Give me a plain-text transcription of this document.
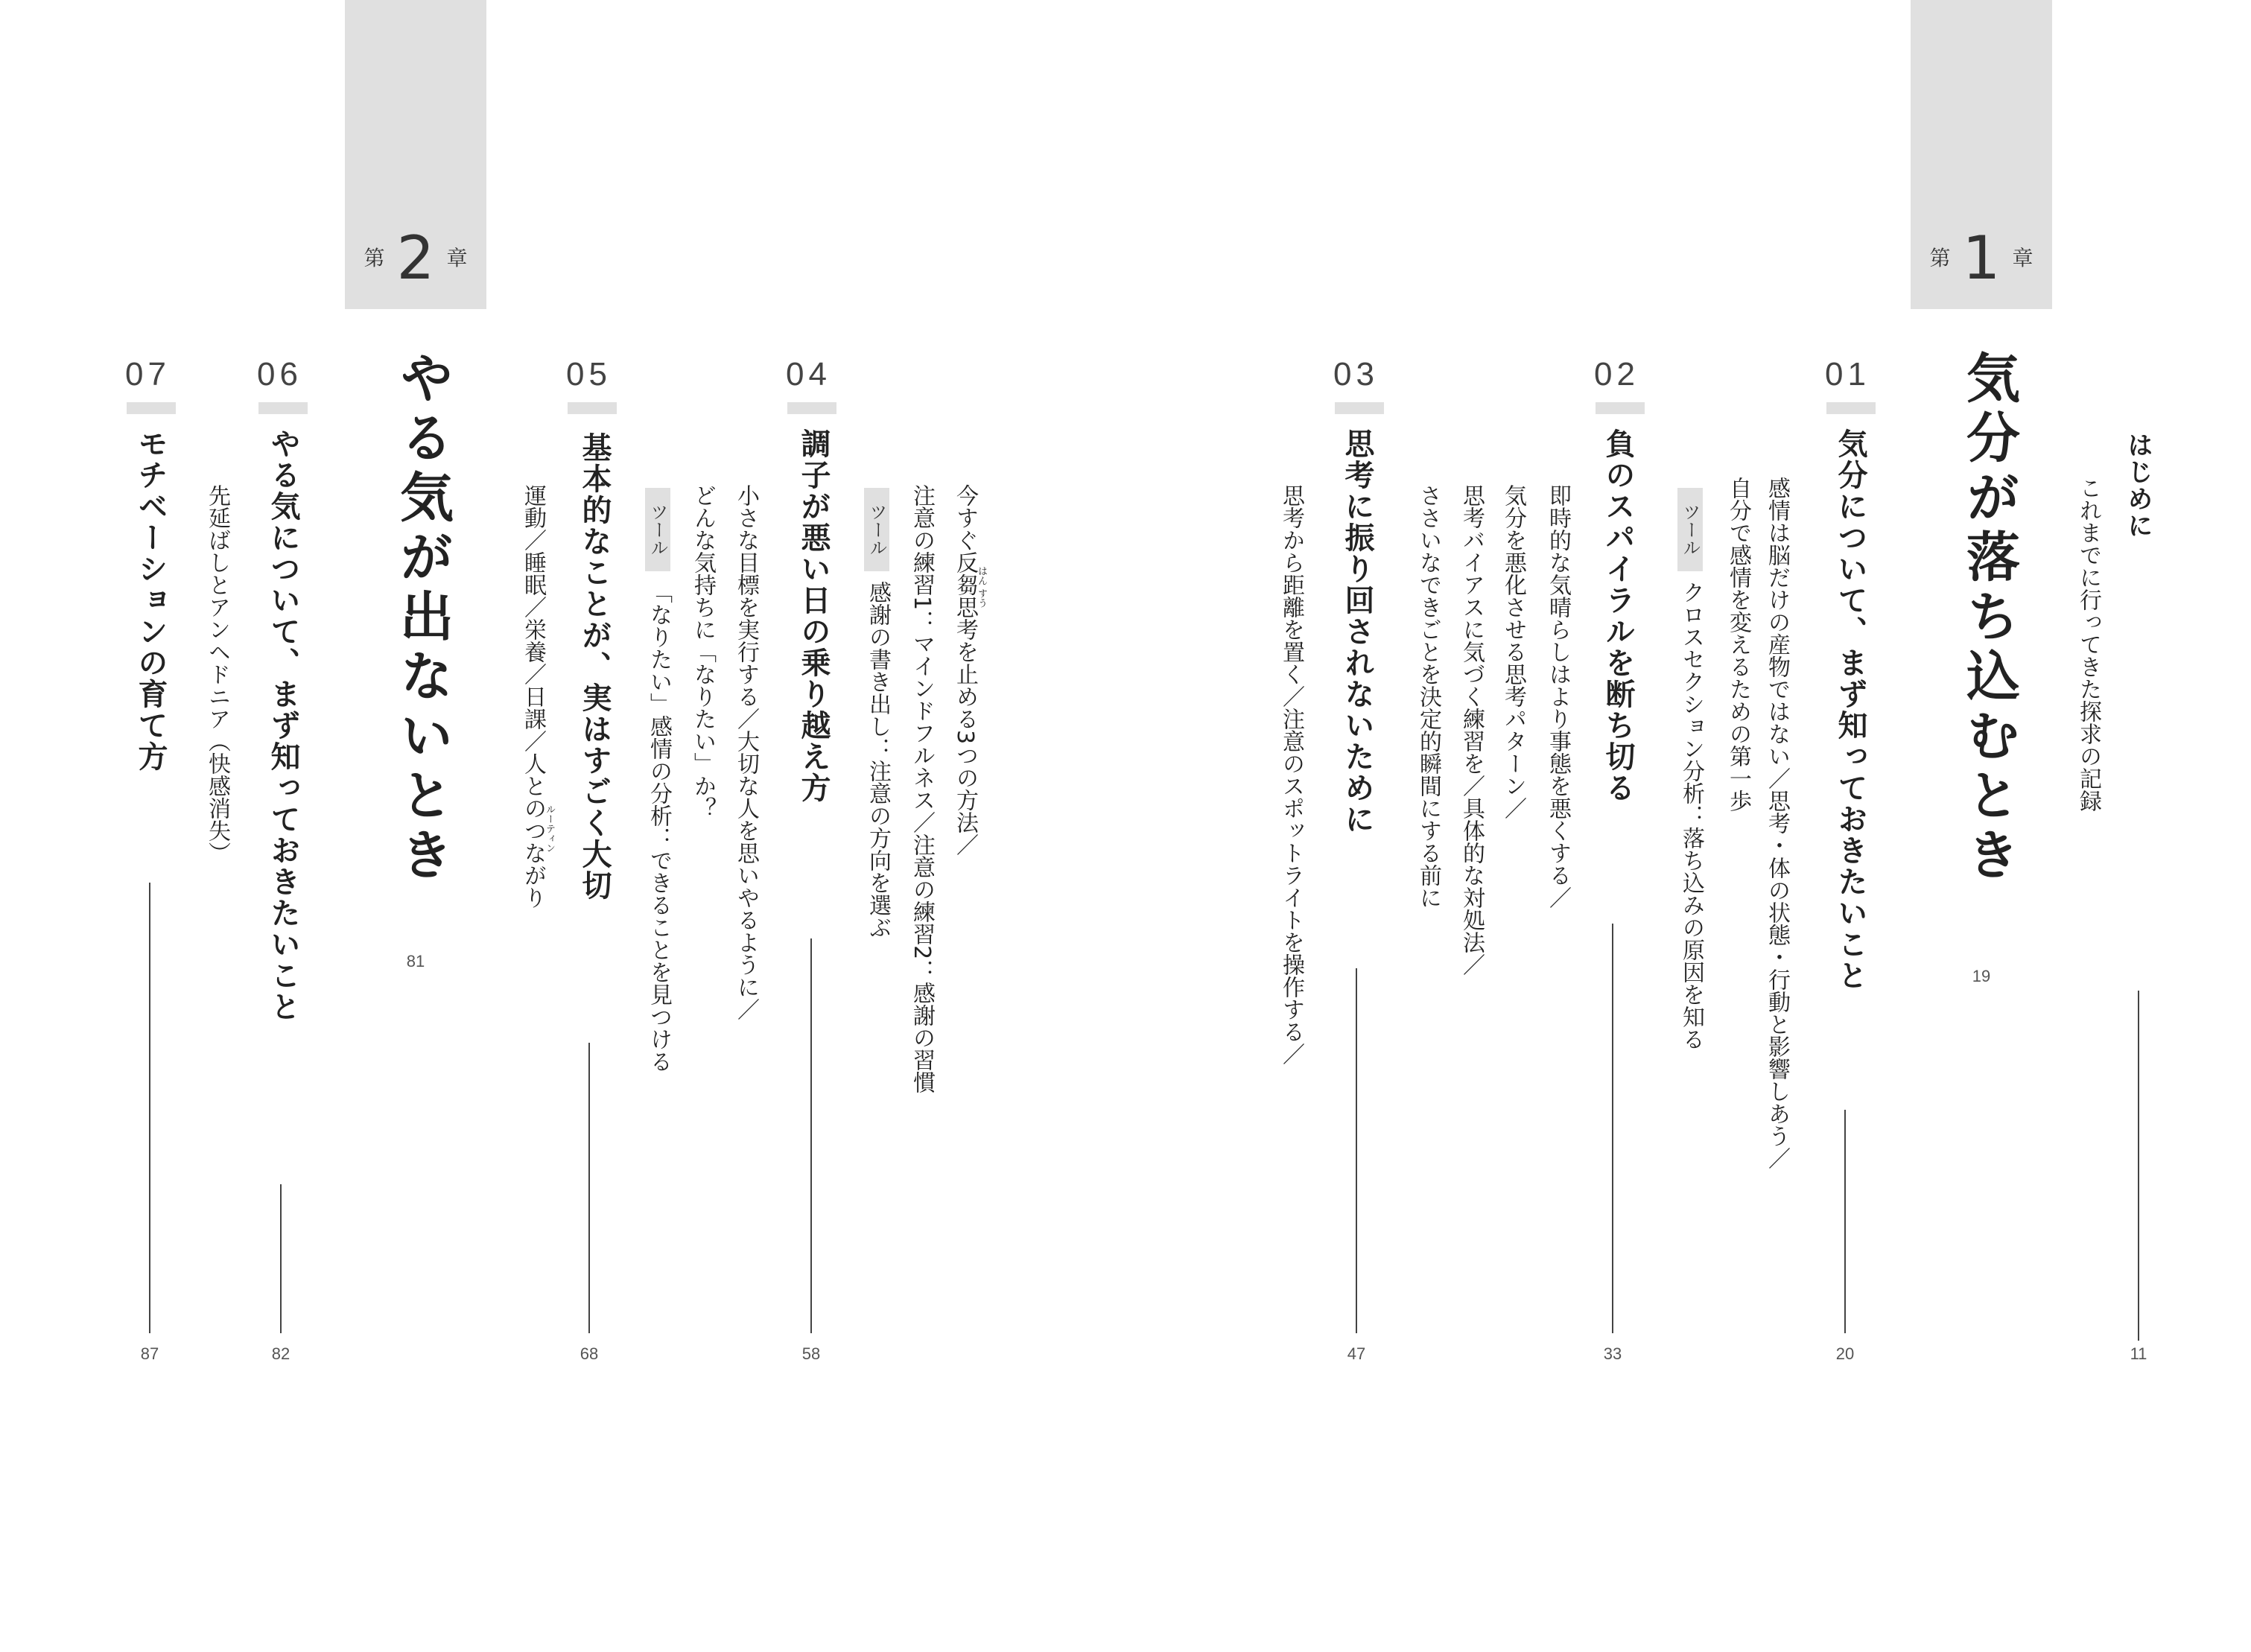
第 2 章	第 1 章
はじめに
これまでに行ってきた探求の記録
11
気分が落ち込むとき
19
01
気分について、まず知っておきたいこと
20
感情は脳だけの産物ではない／思考・体の状態・行動と影響しあう／
自分で感情を変えるための第一歩
ツール
クロスセクション分析：落ち込みの原因を知る
02
負のスパイラルを断ち切る
33
即時的な気晴らしはより事態を悪くする／
気分を悪化させる思考パターン／
思考バイアスに気づく練習を／具体的な対処法／
ささいなできごとを決定的瞬間にする前に
03
思考に振り回されないために
47
思考から距離を置く／注意のスポットライトを操作する／
04
調子が悪い日の乗り越え方
58
はん
すう
今すぐ反芻思考を止める3つの方法／
注意の練習1：マインドフルネス／注意の練習2：感謝の習慣
ツール
感謝の書き出し：注意の方向を選ぶ
05
基本的なことが、実はすごく大切
68
小さな目標を実行する／大切な人を思いやるように／
どんな気持ちに「なりたい」か？
ツール
「なりたい」感情の分析：できることを見つける
ルーティン
運動／睡眠／栄養／日課／人とのつながり
やる気が出ないとき
81
06
やる気について、まず知っておきたいこと
82
先延ばしとアンヘドニア（快感消失）
07
モチベーションの育て方
87
